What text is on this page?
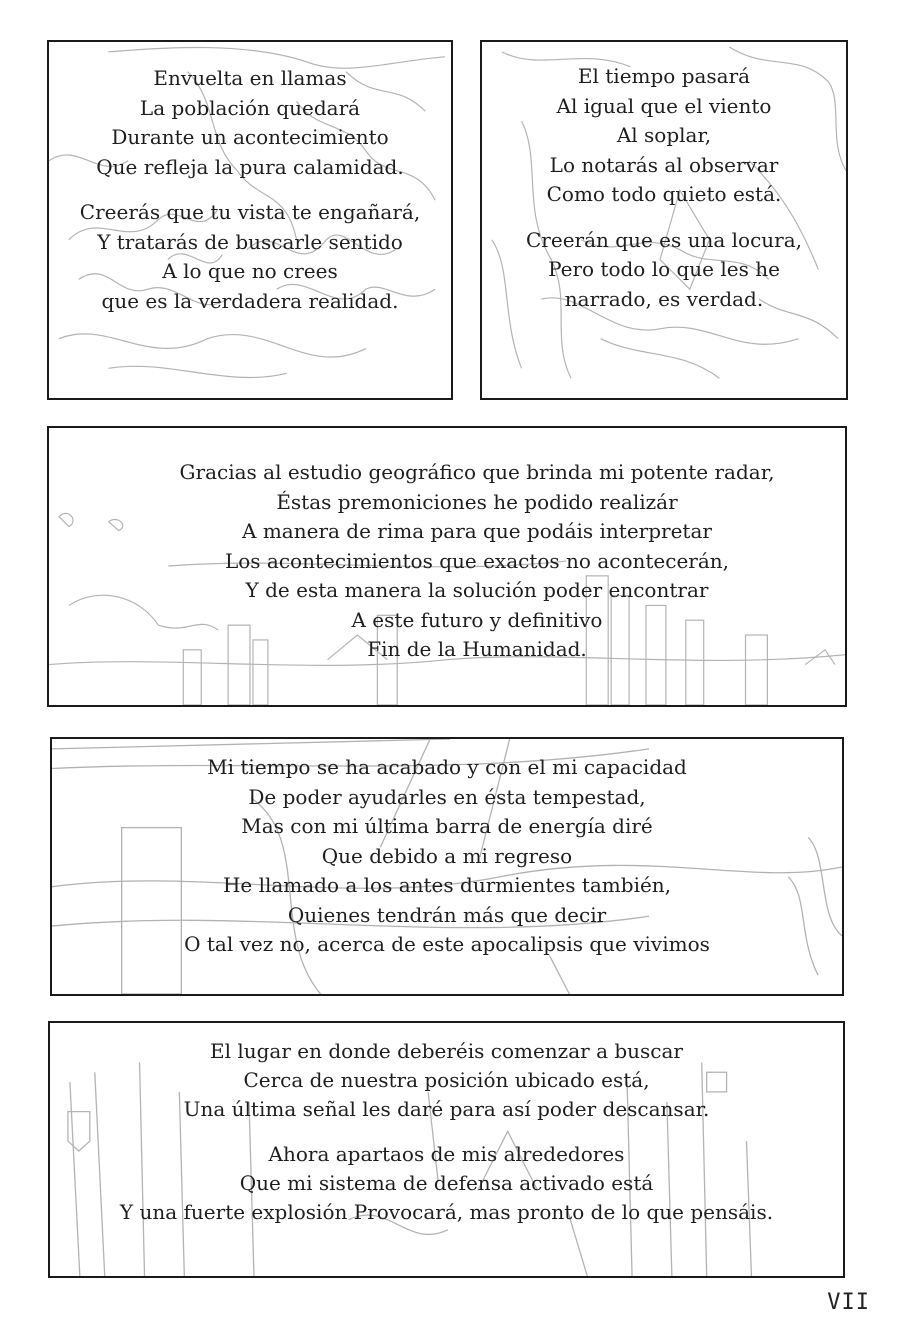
Envuelta en llamas

La población quedará

Durante un acontecimiento

Que refleja la pura calamidad.

Creerás que tu vista te engañará,

Y tratarás de buscarle sentido

A lo que no crees

que es la verdadera realidad.

El tiempo pasará

Al igual que el viento

Al soplar,

Lo notarás al observar

Como todo quieto está.

Creerán que es una locura,

Pero todo lo que les he

narrado, es verdad.

Gracias al estudio geográfico que brinda mi potente radar,

Éstas premoniciones he podido realizár

A manera de rima para que podáis interpretar

Los acontecimientos que exactos no acontecerán,

Y de esta manera la solución poder encontrar

A este futuro y definitivo

Fin de la Humanidad.

Mi tiempo se ha acabado y con el mi capacidad

De poder ayudarles en ésta tempestad,

Mas con mi última barra de energía diré

Que debido a mi regreso

He llamado a los antes durmientes también,

Quienes tendrán más que decir

O tal vez no, acerca de este apocalipsis que vivimos

El lugar en donde deberéis comenzar a buscar

Cerca de nuestra posición ubicado está,

Una última señal les daré para así poder descansar.

Ahora apartaos de mis alrededores

Que mi sistema de defensa activado está

Y una fuerte explosión Provocará, mas pronto de lo que pensáis.

VII
